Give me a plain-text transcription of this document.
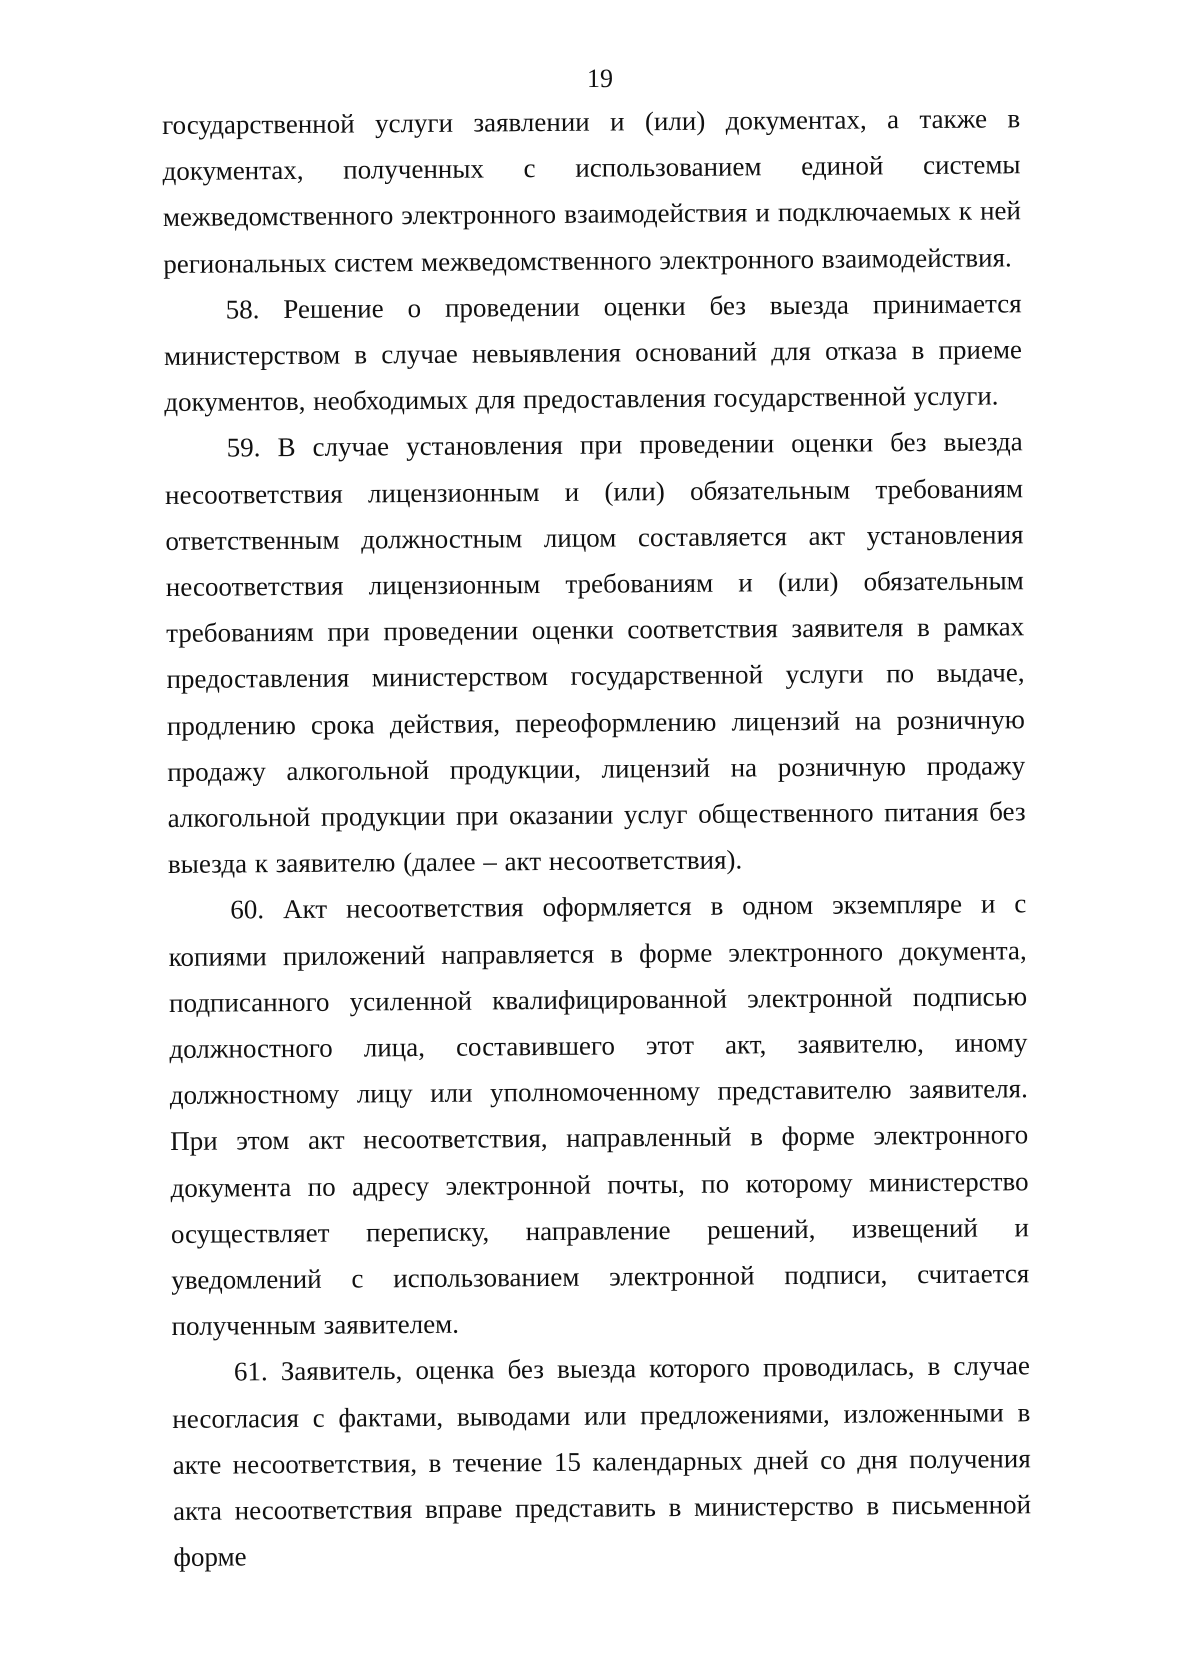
19

государственной услуги заявлении и (или) документах, а также в документах, полученных с использованием единой системы межведомственного электронного взаимодействия и подключаемых к ней региональных систем межведомственного электронного взаимодействия.

58. Решение о проведении оценки без выезда принимается министерством в случае невыявления оснований для отказа в приеме документов, необходимых для предоставления государственной услуги.

59. В случае установления при проведении оценки без выезда несоответствия лицензионным и (или) обязательным требованиям ответственным должностным лицом составляется акт установления несоответствия лицензионным требованиям и (или) обязательным требованиям при проведении оценки соответствия заявителя в рамках предоставления министерством государственной услуги по выдаче, продлению срока действия, переоформлению лицензий на розничную продажу алкогольной продукции, лицензий на розничную продажу алкогольной продукции при оказании услуг общественного питания без выезда к заявителю (далее – акт несоответствия).

60. Акт несоответствия оформляется в одном экземпляре и с копиями приложений направляется в форме электронного документа, подписанного усиленной квалифицированной электронной подписью должностного лица, составившего этот акт, заявителю, иному должностному лицу или уполномоченному представителю заявителя. При этом акт несоответствия, направленный в форме электронного документа по адресу электронной почты, по которому министерство осуществляет переписку, направление решений, извещений и уведомлений с использованием электронной подписи, считается полученным заявителем.

61. Заявитель, оценка без выезда которого проводилась, в случае несогласия с фактами, выводами или предложениями, изложенными в акте несоответствия, в течение 15 календарных дней со дня получения акта несоответствия вправе представить в министерство в письменной форме
